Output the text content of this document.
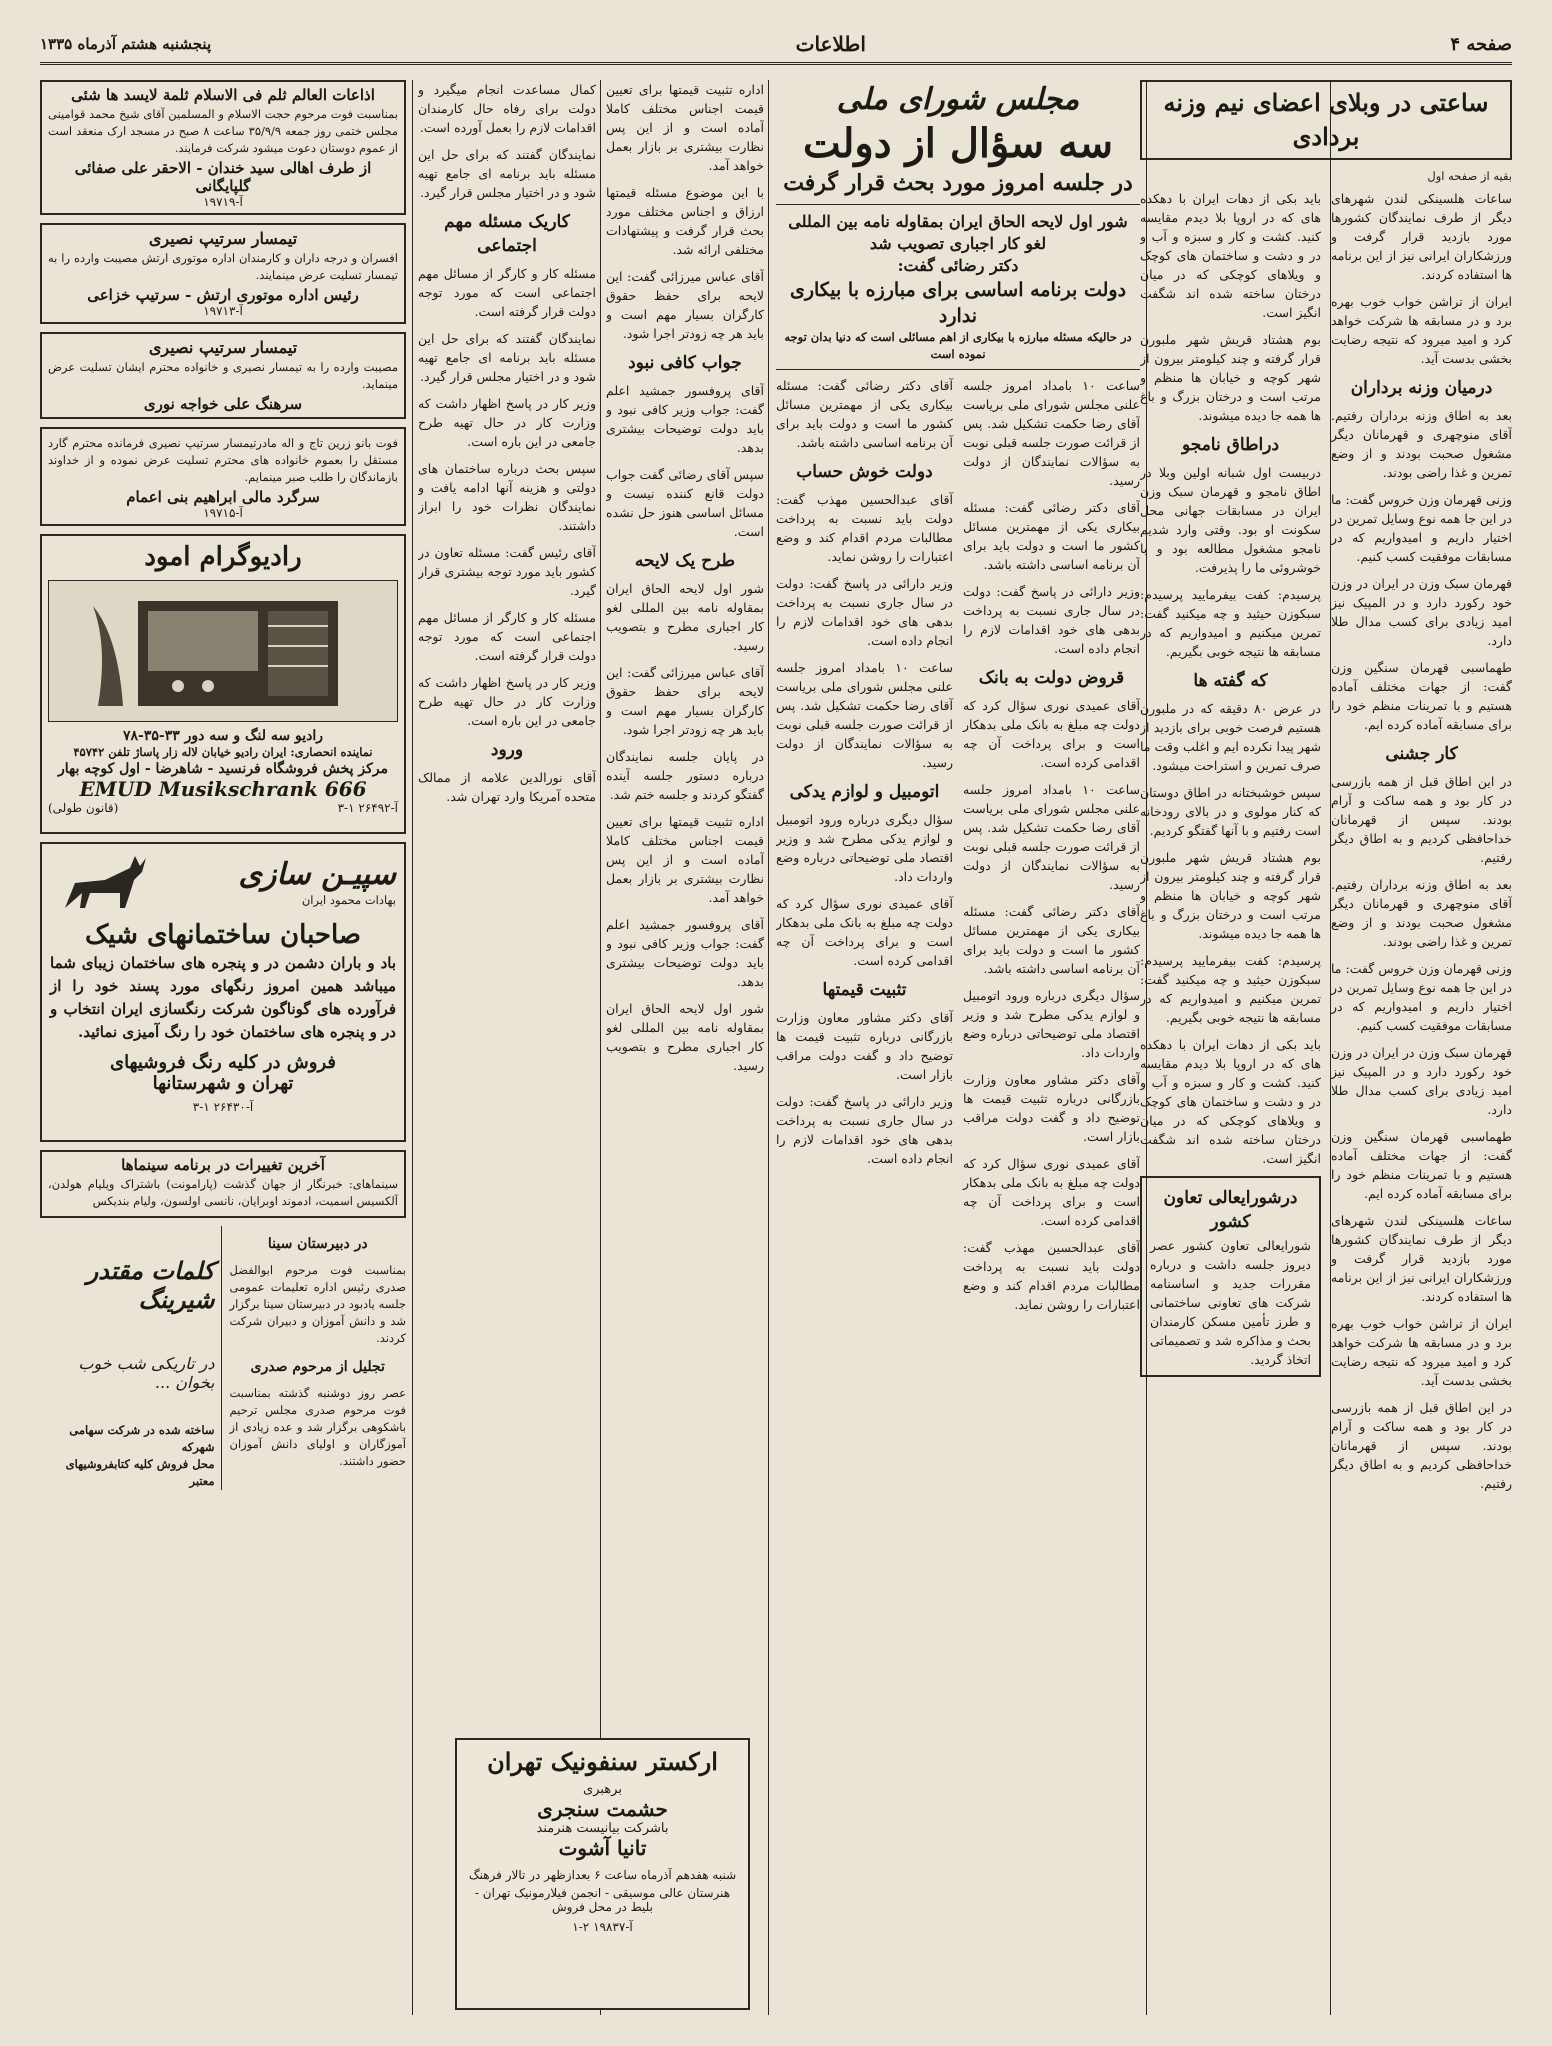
صفحه ۴
اطلاعات
پنجشنبه هشتم آذرماه ۱۳۳۵
ساعتی در وبلای اعضای نیم وزنه بردادی
بقیه از صفحه اول

ساعات هلسینکی لندن شهرهای دیگر از طرف نمایندگان کشورها مورد بازدید قرار گرفت و ورزشکاران ایرانی نیز از این برنامه ها استفاده کردند.

ایران از تراشن خواب خوب بهره برد و در مسابقه ها شرکت خواهد کرد و امید میرود که نتیجه رضایت بخشی بدست آید.

درمیان وزنه برداران

بعد به اطاق وزنه برداران رفتیم. آقای منوچهری و قهرمانان دیگر مشغول صحبت بودند و از وضع تمرین و غذا راضی بودند.

وزنی قهرمان وزن خروس گفت: ما در این جا همه نوع وسایل تمرین در اختیار داریم و امیدواریم که در مسابقات موفقیت کسب کنیم.

قهرمان سبک وزن در ایران در وزن خود رکورد دارد و در المپیک نیز امید زیادی برای کسب مدال طلا دارد.

طهماسبی قهرمان سنگین وزن گفت: از جهات مختلف آماده هستیم و با تمرینات منظم خود را برای مسابقه آماده کرده ایم.

کار جشنی

در این اطاق قبل از همه بازرسی در کار بود و همه ساکت و آرام بودند. سپس از قهرمانان خداحافظی کردیم و به اطاق دیگر رفتیم.

بعد به اطاق وزنه برداران رفتیم. آقای منوچهری و قهرمانان دیگر مشغول صحبت بودند و از وضع تمرین و غذا راضی بودند.

وزنی قهرمان وزن خروس گفت: ما در این جا همه نوع وسایل تمرین در اختیار داریم و امیدواریم که در مسابقات موفقیت کسب کنیم.

قهرمان سبک وزن در ایران در وزن خود رکورد دارد و در المپیک نیز امید زیادی برای کسب مدال طلا دارد.

طهماسبی قهرمان سنگین وزن گفت: از جهات مختلف آماده هستیم و با تمرینات منظم خود را برای مسابقه آماده کرده ایم.

ساعات هلسینکی لندن شهرهای دیگر از طرف نمایندگان کشورها مورد بازدید قرار گرفت و ورزشکاران ایرانی نیز از این برنامه ها استفاده کردند.

ایران از تراشن خواب خوب بهره برد و در مسابقه ها شرکت خواهد کرد و امید میرود که نتیجه رضایت بخشی بدست آید.

در این اطاق قبل از همه بازرسی در کار بود و همه ساکت و آرام بودند. سپس از قهرمانان خداحافظی کردیم و به اطاق دیگر رفتیم.

باید بکی از دهات ایران با دهکده های که در اروپا بلا دیدم مقایسه کنید. کشت و کار و سبزه و آب و در و دشت و ساختمان های کوچک و ویلاهای کوچکی که در میان درختان ساخته شده اند شگفت انگیز است.

بوم هشتاد قریش شهر ملبورن قرار گرفته و چند کیلومتر بیرون از شهر کوچه و خیابان ها منظم و مرتب است و درختان بزرگ و باغ ها همه جا دیده میشوند.

دراطاق نامجو

دربیست اول شبانه اولین وبلا در اطاق نامجو و قهرمان سبک وزن ایران در مسابقات جهانی محل سکونت او بود. وقتی وارد شدیم نامجو مشغول مطالعه بود و با خوشروئی ما را پذیرفت.

پرسیدم: کفت بیفرمایید پرسیدم: سبکوزن حیثید و چه میکنید گفت: تمرین میکنیم و امیدواریم که در مسابقه ها نتیجه خوبی بگیریم.

که گفته ها

در عرض ۸۰ دقیقه که در ملبورن هستیم فرصت خوبی برای بازدید از شهر پیدا نکرده ایم و اغلب وقت ما صرف تمرین و استراحت میشود.

سپس خوشبختانه در اطاق دوستان که کنار مولوی و در بالای رودخانه است رفتیم و با آنها گفتگو کردیم.

بوم هشتاد قریش شهر ملبورن قرار گرفته و چند کیلومتر بیرون از شهر کوچه و خیابان ها منظم و مرتب است و درختان بزرگ و باغ ها همه جا دیده میشوند.

پرسیدم: کفت بیفرمایید پرسیدم: سبکوزن حیثید و چه میکنید گفت: تمرین میکنیم و امیدواریم که در مسابقه ها نتیجه خوبی بگیریم.

باید بکی از دهات ایران با دهکده های که در اروپا بلا دیدم مقایسه کنید. کشت و کار و سبزه و آب و در و دشت و ساختمان های کوچک و ویلاهای کوچکی که در میان درختان ساخته شده اند شگفت انگیز است.

درشورایعالی تعاون کشور

شورایعالی تعاون کشور عصر دیروز جلسه داشت و درباره مقررات جدید و اساسنامه شرکت های تعاونی ساختمانی و طرز تأمین مسکن کارمندان بحث و مذاکره شد و تصمیماتی اتخاذ گردید.

مجلس شورای ملی
سه سؤال از دولت
در جلسه امروز مورد بحث قرار گرفت
شور اول لایحه الحاق ایران بمقاوله نامه بین المللی لغو کار اجباری تصویب شد
دکتر رضائی گفت:
دولت برنامه اساسی برای مبارزه با بیکاری ندارد
در حالیکه مسئله مبارزه با بیکاری از اهم مسائلی است که دنیا بدان توجه نموده است

ساعت ۱۰ بامداد امروز جلسه علنی مجلس شورای ملی بریاست آقای رضا حکمت تشکیل شد. پس از قرائت صورت جلسه قبلی نوبت به سؤالات نمایندگان از دولت رسید.

آقای دکتر رضائی گفت: مسئله بیکاری یکی از مهمترین مسائل کشور ما است و دولت باید برای آن برنامه اساسی داشته باشد.

وزیر دارائی در پاسخ گفت: دولت در سال جاری نسبت به پرداخت بدهی های خود اقدامات لازم را انجام داده است.

قروض دولت به بانک

آقای عمیدی نوری سؤال کرد که دولت چه مبلغ به بانک ملی بدهکار است و برای پرداخت آن چه اقدامی کرده است.

ساعت ۱۰ بامداد امروز جلسه علنی مجلس شورای ملی بریاست آقای رضا حکمت تشکیل شد. پس از قرائت صورت جلسه قبلی نوبت به سؤالات نمایندگان از دولت رسید.

آقای دکتر رضائی گفت: مسئله بیکاری یکی از مهمترین مسائل کشور ما است و دولت باید برای آن برنامه اساسی داشته باشد.

سؤال دیگری درباره ورود اتومبیل و لوازم یدکی مطرح شد و وزیر اقتصاد ملی توضیحاتی درباره وضع واردات داد.

آقای دکتر مشاور معاون وزارت بازرگانی درباره تثبیت قیمت ها توضیح داد و گفت دولت مراقب بازار است.

آقای عمیدی نوری سؤال کرد که دولت چه مبلغ به بانک ملی بدهکار است و برای پرداخت آن چه اقدامی کرده است.

آقای عبدالحسین مهذب گفت: دولت باید نسبت به پرداخت مطالبات مردم اقدام کند و وضع اعتبارات را روشن نماید.

آقای دکتر رضائی گفت: مسئله بیکاری یکی از مهمترین مسائل کشور ما است و دولت باید برای آن برنامه اساسی داشته باشد.

دولت خوش حساب

آقای عبدالحسین مهذب گفت: دولت باید نسبت به پرداخت مطالبات مردم اقدام کند و وضع اعتبارات را روشن نماید.

وزیر دارائی در پاسخ گفت: دولت در سال جاری نسبت به پرداخت بدهی های خود اقدامات لازم را انجام داده است.

ساعت ۱۰ بامداد امروز جلسه علنی مجلس شورای ملی بریاست آقای رضا حکمت تشکیل شد. پس از قرائت صورت جلسه قبلی نوبت به سؤالات نمایندگان از دولت رسید.

اتومبیل و لوازم یدکی

سؤال دیگری درباره ورود اتومبیل و لوازم یدکی مطرح شد و وزیر اقتصاد ملی توضیحاتی درباره وضع واردات داد.

آقای عمیدی نوری سؤال کرد که دولت چه مبلغ به بانک ملی بدهکار است و برای پرداخت آن چه اقدامی کرده است.

تثبیت قیمتها

آقای دکتر مشاور معاون وزارت بازرگانی درباره تثبیت قیمت ها توضیح داد و گفت دولت مراقب بازار است.

وزیر دارائی در پاسخ گفت: دولت در سال جاری نسبت به پرداخت بدهی های خود اقدامات لازم را انجام داده است.

اداره تثبیت قیمتها برای تعیین قیمت اجناس مختلف کاملا آماده است و از این پس نظارت بیشتری بر بازار بعمل خواهد آمد.

با این موضوع مسئله قیمتها ارزاق و اجناس مختلف مورد بحث قرار گرفت و پیشنهادات مختلفی ارائه شد.

آقای عباس میرزائی گفت: این لایحه برای حفظ حقوق کارگران بسیار مهم است و باید هر چه زودتر اجرا شود.

جواب کافی نبود

آقای پروفسور جمشید اعلم گفت: جواب وزیر کافی نبود و باید دولت توضیحات بیشتری بدهد.

سپس آقای رضائی گفت جواب دولت قانع کننده نیست و مسائل اساسی هنوز حل نشده است.

طرح یک لایحه

شور اول لایحه الحاق ایران بمقاوله نامه بین المللی لغو کار اجباری مطرح و بتصویب رسید.

آقای عباس میرزائی گفت: این لایحه برای حفظ حقوق کارگران بسیار مهم است و باید هر چه زودتر اجرا شود.

در پایان جلسه نمایندگان درباره دستور جلسه آینده گفتگو کردند و جلسه ختم شد.

اداره تثبیت قیمتها برای تعیین قیمت اجناس مختلف کاملا آماده است و از این پس نظارت بیشتری بر بازار بعمل خواهد آمد.

آقای پروفسور جمشید اعلم گفت: جواب وزیر کافی نبود و باید دولت توضیحات بیشتری بدهد.

شور اول لایحه الحاق ایران بمقاوله نامه بین المللی لغو کار اجباری مطرح و بتصویب رسید.

کمال مساعدت انجام میگیرد و دولت برای رفاه حال کارمندان اقدامات لازم را بعمل آورده است.

نمایندگان گفتند که برای حل این مسئله باید برنامه ای جامع تهیه شود و در اختیار مجلس قرار گیرد.

کاریک مسئله مهم اجتماعی

مسئله کار و کارگر از مسائل مهم اجتماعی است که مورد توجه دولت قرار گرفته است.

نمایندگان گفتند که برای حل این مسئله باید برنامه ای جامع تهیه شود و در اختیار مجلس قرار گیرد.

وزیر کار در پاسخ اظهار داشت که وزارت کار در حال تهیه طرح جامعی در این باره است.

سپس بحث درباره ساختمان های دولتی و هزینه آنها ادامه یافت و نمایندگان نظرات خود را ابراز داشتند.

آقای رئیس گفت: مسئله تعاون در کشور باید مورد توجه بیشتری قرار گیرد.

مسئله کار و کارگر از مسائل مهم اجتماعی است که مورد توجه دولت قرار گرفته است.

وزیر کار در پاسخ اظهار داشت که وزارت کار در حال تهیه طرح جامعی در این باره است.

ورود

آقای نورالدین علامه از ممالک متحده آمریکا وارد تهران شد.

ارکستر سنفونیک تهران
برهبری
حشمت سنجری
باشرکت بیانیست هنرمند
تانیا آشوت
شنبه هفدهم آذرماه ساعت ۶ بعدازظهر در تالار فرهنگ
هنرستان عالی موسیقی - انجمن فیلارمونیک تهران - بلیط در محل فروش
آ-۱۹۸۳۷ ۲-۱
اذاعات العالم ثلم فی الاسلام ثلمة لایسد ها شئی

بمناسبت فوت مرحوم حجت الاسلام و المسلمین آقای شیخ محمد قوامینی مجلس ختمی روز جمعه ۳۵/۹/۹ ساعت ۸ صبح در مسجد ارک منعقد است از عموم دوستان دعوت میشود شرکت فرمایند.

از طرف اهالی سید خندان - الاحقر علی صفائی گلپایگانی
آ-۱۹۷۱۹
تیمسار سرتیپ نصیری

افسران و درجه داران و کارمندان اداره موتوری ارتش مصیبت وارده را به تیمسار تسلیت عرض مینمایند.

رئیس اداره موتوری ارتش - سرتیپ خزاعی
آ-۱۹۷۱۳
تیمسار سرتیپ نصیری

مصیبت وارده را به تیمسار نصیری و خانواده محترم ایشان تسلیت عرض مینماید.

سرهنگ علی خواجه نوری

فوت بانو زرین تاج و اله مادرتیمسار سرتیپ نصیری فرمانده محترم گارد مستقل را بعموم خانواده های محترم تسلیت عرض نموده و از خداوند بازماندگان را طلب صبر مینمایم.

سرگرد مالی ابراهیم بنی اعمام
آ-۱۹۷۱۵
رادیوگرام امود
رادیو سه لنگ و سه دور ۳۳-۳۵-۷۸
نماینده انحصاری: ایران رادیو خیابان لاله زار پاساژ تلفن ۴۵۷۴۲
مرکز پخش فروشگاه فرنسید - شاهرضا - اول کوچه بهار
EMUD Musikschrank 666
آ-۲۶۴۹۲ ۱-۳
(قانون طولی)
سپیـن سازی
بهادات محمود ایران
صاحبان ساختمانهای شیک

باد و باران دشمن در و پنجره های ساختمان زیبای شما میباشد همین امروز رنگهای مورد پسند خود را از فرآورده های گوناگون شرکت رنگسازی ایران انتخاب و در و پنجره های ساختمان خود را رنگ آمیزی نمائید.

فروش در کلیه رنگ فروشیهای
تهران و شهرستانها
آ-۲۶۴۳۰ ۱-۳
آخرین تغییرات در برنامه سینماها

سینماهای: خبرنگار از جهان گذشت (پارامونت) باشتراک ویلیام هولدن، آلکسیس اسمیت، ادموند اوبرایان، نانسی اولسون، ولیام بندیکس

در دبیرستان سینا

بمناسبت فوت مرحوم ابوالفضل صدری رئیس اداره تعلیمات عمومی جلسه یادبود در دبیرستان سینا برگزار شد و دانش آموزان و دبیران شرکت کردند.

تجلیل از مرحوم صدری

عصر روز دوشنبه گذشته بمناسبت فوت مرحوم صدری مجلس ترحیم باشکوهی برگزار شد و عده زیادی از آموزگاران و اولیای دانش آموزان حضور داشتند.

کلمات مقتدر شیرینگ
در تاریکی شب خوب بخوان ...
ساخته شده در شرکت سهامی شهرکه
محل فروش کلیه کتابفروشیهای معتبر
